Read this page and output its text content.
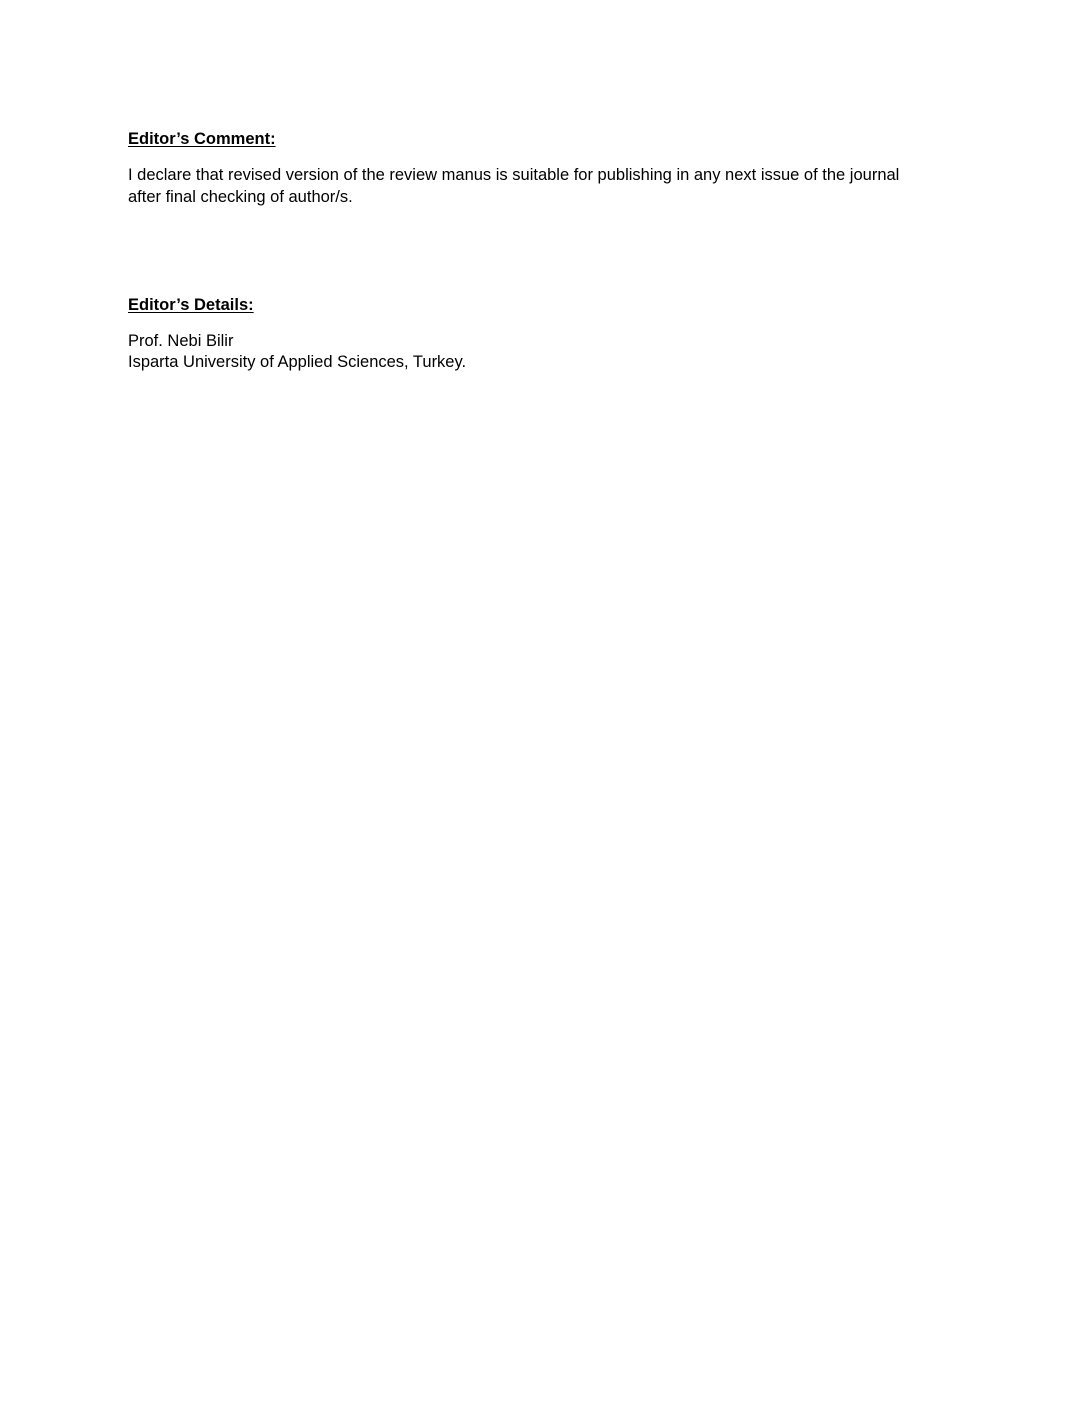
Editor’s Comment:

I declare that revised version of the review manus is suitable for publishing in any next issue of the journal

after final checking of author/s.

Editor’s Details:

Prof. Nebi Bilir

Isparta University of Applied Sciences, Turkey.
